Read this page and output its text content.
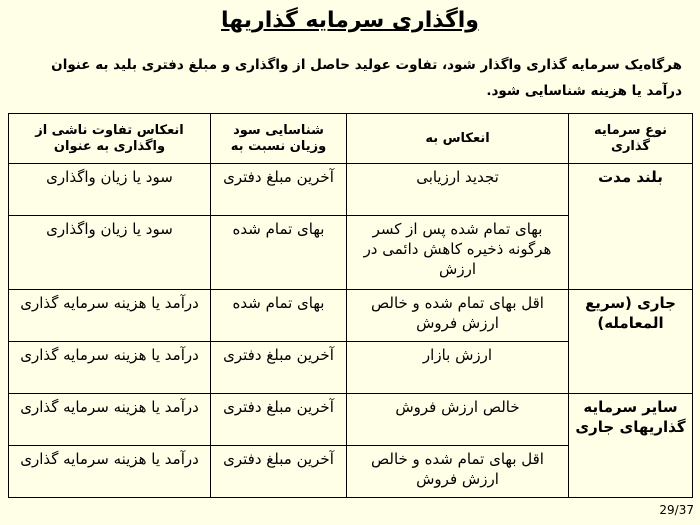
واگذاری سرمایه گذاریها
هرگاه‌یک سرمایه گذاری واگذار شود، تفاوت عولید حاصل از واگذاری و مبلغ دفتری بلید به عنوان درآمد یا هزینه شناسایی شود.
نوع سرمایه گذاری	انعکاس به	شناسایی سود وزیان نسبت به	انعکاس تفاوت ناشی از واگذاری به عنوان
بلند مدت	تجدید ارزیابی	آخرین مبلغ دفتری	سود یا زیان واگذاری
	بهای تمام شده پس از کسر هرگونه ذخیره کاهش دائمی در ارزش	بهای تمام شده	سود یا زیان واگذاری
جاری (سریع المعامله)	اقل بهای تمام شده و خالص ارزش فروش	بهای تمام شده	درآمد یا هزینه سرمایه گذاری
	ارزش بازار	آخرین مبلغ دفتری	درآمد یا هزینه سرمایه گذاری
سایر سرمایه گذاریهای جاری	خالص ارزش فروش	آخرین مبلغ دفتری	درآمد یا هزینه سرمایه گذاری
	اقل بهای تمام شده و خالص ارزش فروش	آخرین مبلغ دفتری	درآمد یا هزینه سرمایه گذاری
29/37
